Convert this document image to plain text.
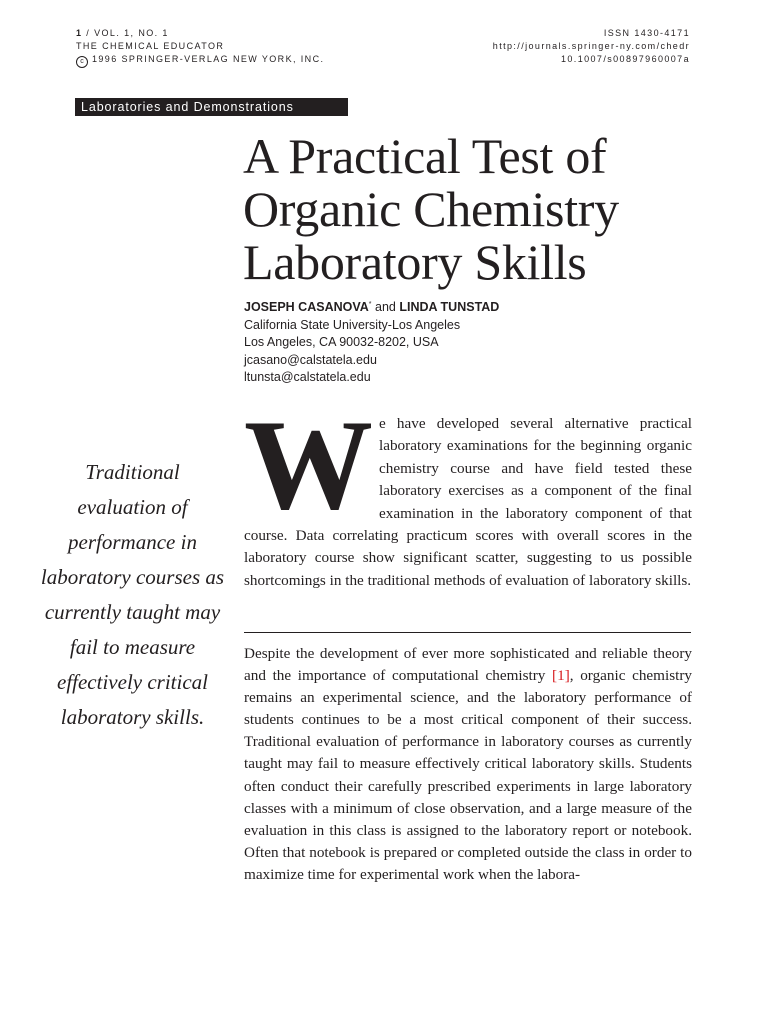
1 / VOL. 1, NO. 1
THE CHEMICAL EDUCATOR
c 1996 SPRINGER-VERLAG NEW YORK, INC.
ISSN 1430-4171
http://journals.springer-ny.com/chedr
10.1007/s00897960007a
Laboratories and Demonstrations
A Practical Test of Organic Chemistry Laboratory Skills
JOSEPH CASANOVA* and LINDA TUNSTAD
California State University-Los Angeles
Los Angeles, CA 90032-8202, USA
jcasano@calstatela.edu
ltunsta@calstatela.edu
Traditional evaluation of performance in laboratory courses as currently taught may fail to measure effectively critical laboratory skills.
We have developed several alternative practical laboratory examinations for the beginning organic chemistry course and have field tested these laboratory exercises as a component of the final examination in the laboratory component of that course. Data correlating practicum scores with overall scores in the laboratory course show significant scatter, suggesting to us possible shortcomings in the traditional methods of evaluation of laboratory skills.
Despite the development of ever more sophisticated and reliable theory and the importance of computational chemistry [1], organic chemistry remains an experimental science, and the laboratory performance of students continues to be a most critical component of their success. Traditional evaluation of performance in laboratory courses as currently taught may fail to measure effectively critical laboratory skills. Students often conduct their carefully prescribed experiments in large laboratory classes with a minimum of close observation, and a large measure of the evaluation in this class is assigned to the laboratory report or notebook. Often that notebook is prepared or completed outside the class in order to maximize time for experimental work when the labora-
